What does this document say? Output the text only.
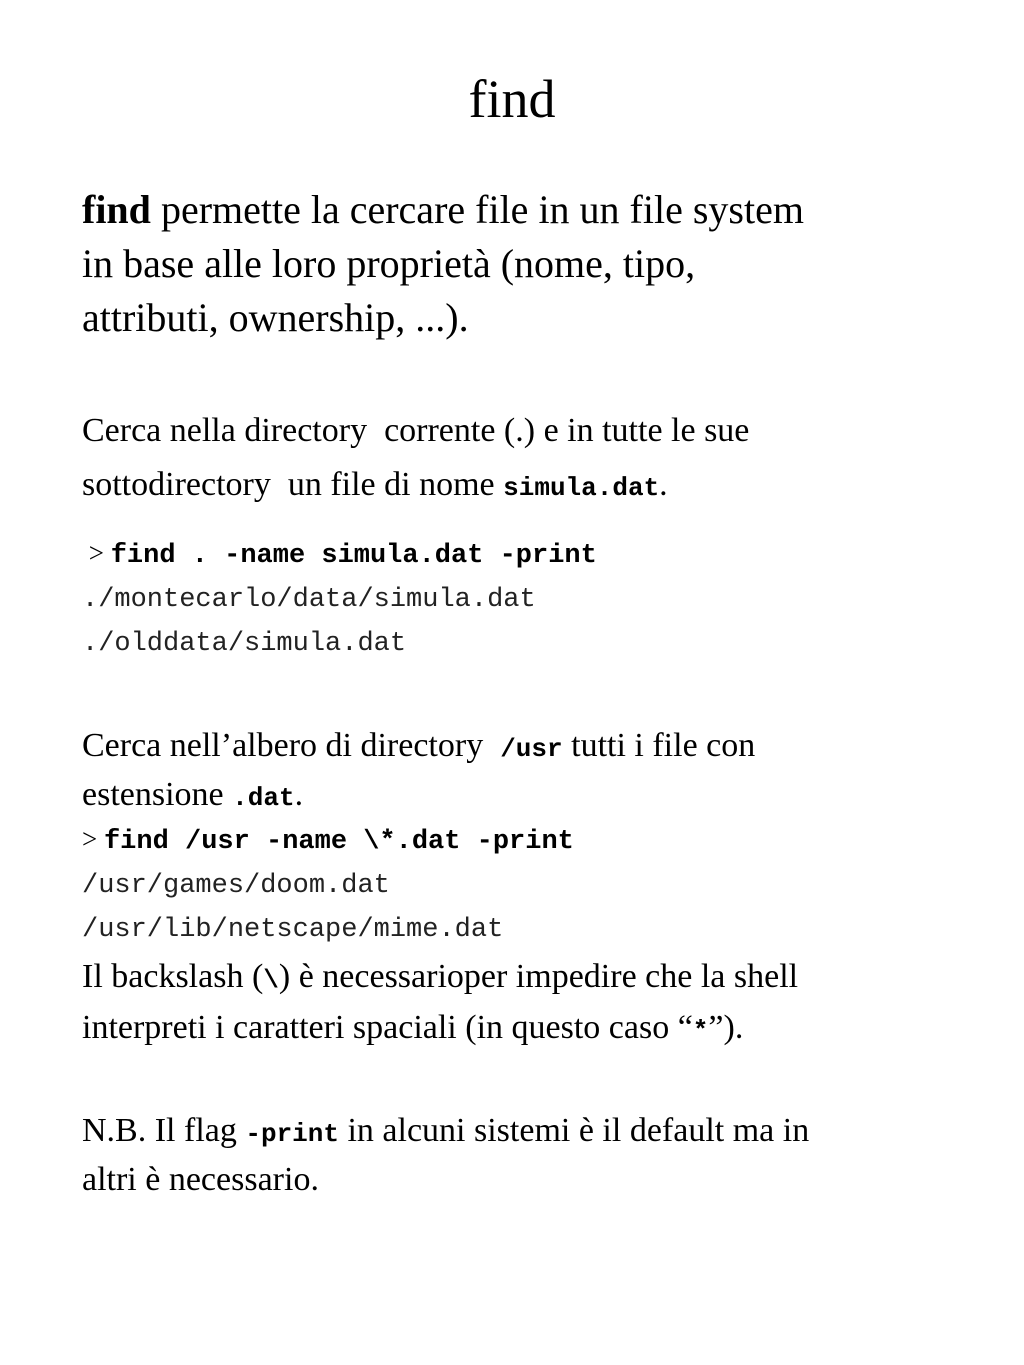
find
find permette la cercare file in un file system
in base alle loro proprietà (nome, tipo,
attributi, ownership, ...).
Cerca nella directory  corrente (.) e in tutte le sue
sottodirectory  un file di nome simula.dat.
> find . -name simula.dat -print
./montecarlo/data/simula.dat
./olddata/simula.dat
Cerca nell’albero di directory  /usr tutti i file con
estensione .dat.
> find /usr -name \*.dat -print
/usr/games/doom.dat
/usr/lib/netscape/mime.dat
Il backslash (\) è necessarioper impedire che la shell
interpreti i caratteri spaciali (in questo caso “*”).
N.B. Il flag -print in alcuni sistemi è il default ma in
altri è necessario.
